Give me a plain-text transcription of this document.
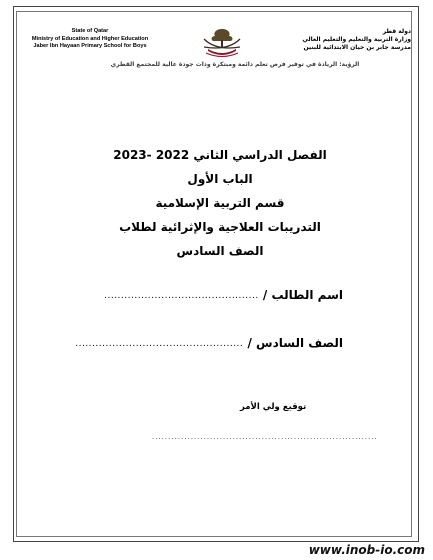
State of Qatar
Ministry of Education and Higher Education
Jaber Ibn Hayaan Primary School for Boys
دولة قطر
وزارة التربية والتعليم والتعليم العالي
مدرسة جابر بن حيان الابتدائية للبنين
الرؤية: الريادة في توفير فرص تعلم دائمة ومبتكرة وذات جودة عالية للمجتمع القطري
الفصل الدراسي الثاني 2022 -2023
الباب الأول
قسم التربية الإسلامية
التدريبات العلاجية والإثرائية لطلاب
الصف السادس
اسم الطالب / ..............................................
الصف السادس / ..................................................
توقيع ولي الأمر
......................................................................
www.inob-io.com
